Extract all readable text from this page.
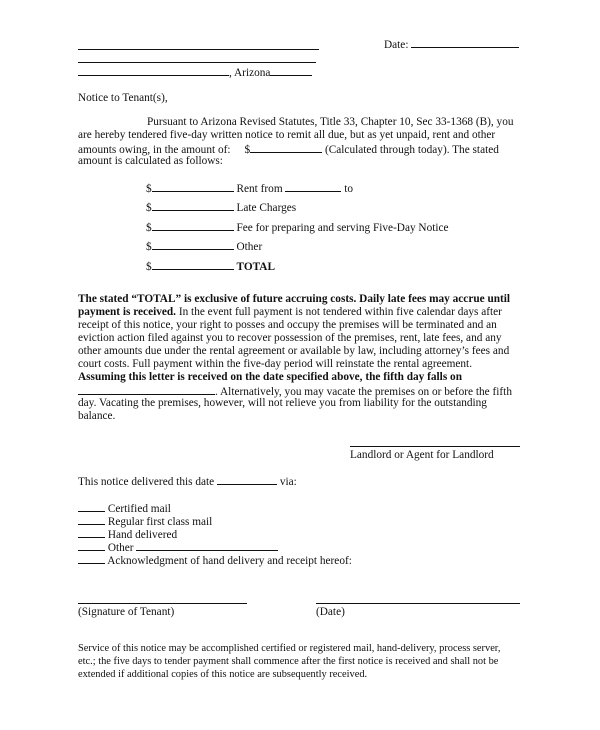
Date:
, Arizona
Notice to Tenant(s),
Pursuant to Arizona Revised Statutes, Title 33, Chapter 10, Sec 33-1368 (B), you
are hereby tendered five-day written notice to remit all due, but as yet unpaid, rent and other
amounts owing, in the amount of: $	(Calculated through today). The stated
amount is calculated as follows:
$	Rent from	to
$	Late Charges
$	Fee for preparing and serving Five-Day Notice
$	Other
$	TOTAL
The stated “TOTAL” is exclusive of future accruing costs. Daily late fees may accrue until
payment is received. In the event full payment is not tendered within five calendar days after
receipt of this notice, your right to posses and occupy the premises will be terminated and an
eviction action filed against you to recover possession of the premises, rent, late fees, and any
other amounts due under the rental agreement or available by law, including attorney’s fees and
court costs. Full payment within the five-day period will reinstate the rental agreement.
Assuming this letter is received on the date specified above, the fifth day falls on
. Alternatively, you may vacate the premises on or before the fifth
day. Vacating the premises, however, will not relieve you from liability for the outstanding
balance.
Landlord or Agent for Landlord
This notice delivered this date	via:
Certified mail
Regular first class mail
Hand delivered
Other
Acknowledgment of hand delivery and receipt hereof:
(Signature of Tenant)	(Date)
Service of this notice may be accomplished certified or registered mail, hand-delivery, process server,
etc.; the five days to tender payment shall commence after the first notice is received and shall not be
extended if additional copies of this notice are subsequently received.
